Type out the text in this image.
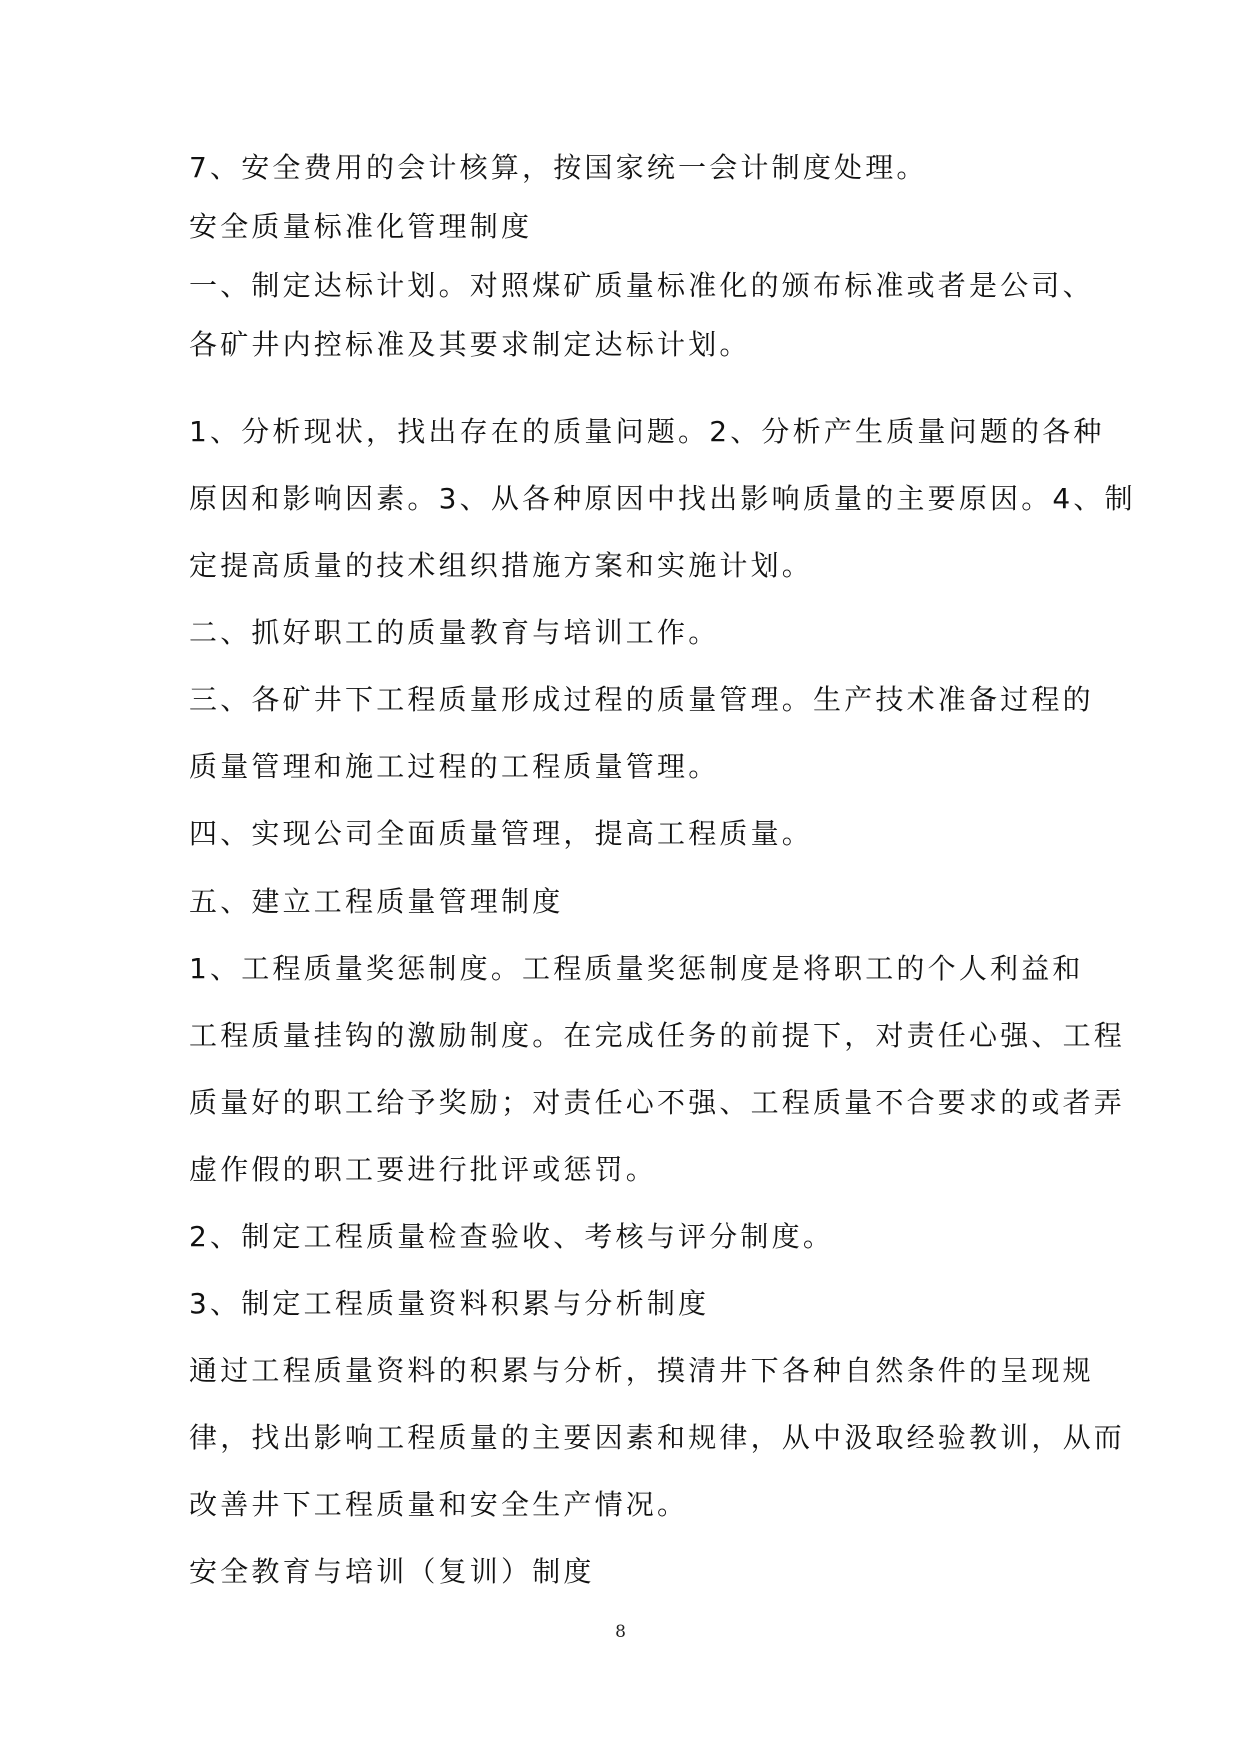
7、安全费用的会计核算，按国家统一会计制度处理。
安全质量标准化管理制度
一、制定达标计划。对照煤矿质量标准化的颁布标准或者是公司、
各矿井内控标准及其要求制定达标计划。
1、分析现状，找出存在的质量问题。2、分析产生质量问题的各种
原因和影响因素。3、从各种原因中找出影响质量的主要原因。4、制
定提高质量的技术组织措施方案和实施计划。
二、抓好职工的质量教育与培训工作。
三、各矿井下工程质量形成过程的质量管理。生产技术准备过程的
质量管理和施工过程的工程质量管理。
四、实现公司全面质量管理，提高工程质量。
五、建立工程质量管理制度
1、工程质量奖惩制度。工程质量奖惩制度是将职工的个人利益和
工程质量挂钩的激励制度。在完成任务的前提下，对责任心强、工程
质量好的职工给予奖励；对责任心不强、工程质量不合要求的或者弄
虚作假的职工要进行批评或惩罚。
2、制定工程质量检查验收、考核与评分制度。
3、制定工程质量资料积累与分析制度
通过工程质量资料的积累与分析，摸清井下各种自然条件的呈现规
律，找出影响工程质量的主要因素和规律，从中汲取经验教训，从而
改善井下工程质量和安全生产情况。
安全教育与培训（复训）制度
8
